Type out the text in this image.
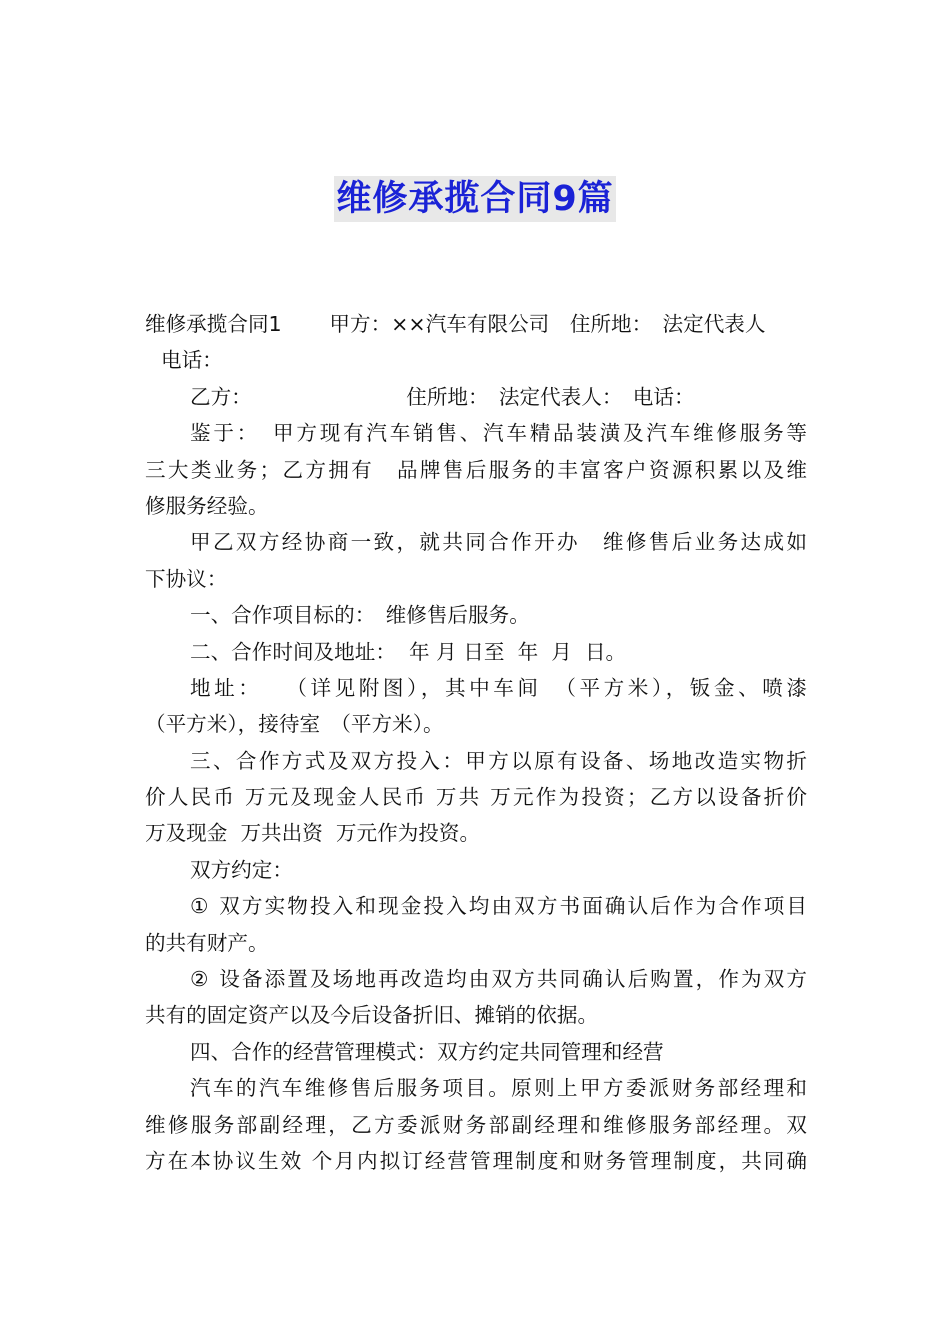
维修承揽合同9篇
维修承揽合同1　　 甲方：××汽车有限公司　住所地：　法定代表人
电话：
乙方：　　　　　　　　住所地：　法定代表人：　电话：
鉴于：　甲方现有汽车销售、汽车精品装潢及汽车维修服务等
三大类业务；乙方拥有　品牌售后服务的丰富客户资源积累以及维
修服务经验。
甲乙双方经协商一致，就共同合作开办　维修售后业务达成如
下协议：
一、合作项目标的：　维修售后服务。
二、合作时间及地址：  年 月 日至  年  月  日。
地址：　 （详见附图），其中车间　（平方米），钣金、喷漆
（平方米），接待室　（平方米）。
三、合作方式及双方投入：甲方以原有设备、场地改造实物折
价人民币 万元及现金人民币 万共 万元作为投资；乙方以设备折价
万及现金  万共出资  万元作为投资。
双方约定：
① 双方实物投入和现金投入均由双方书面确认后作为合作项目
的共有财产。
② 设备添置及场地再改造均由双方共同确认后购置，作为双方
共有的固定资产以及今后设备折旧、摊销的依据。
四、合作的经营管理模式：双方约定共同管理和经营
汽车的汽车维修售后服务项目。原则上甲方委派财务部经理和
维修服务部副经理，乙方委派财务部副经理和维修服务部经理。双
方在本协议生效 个月内拟订经营管理制度和财务管理制度，共同确
